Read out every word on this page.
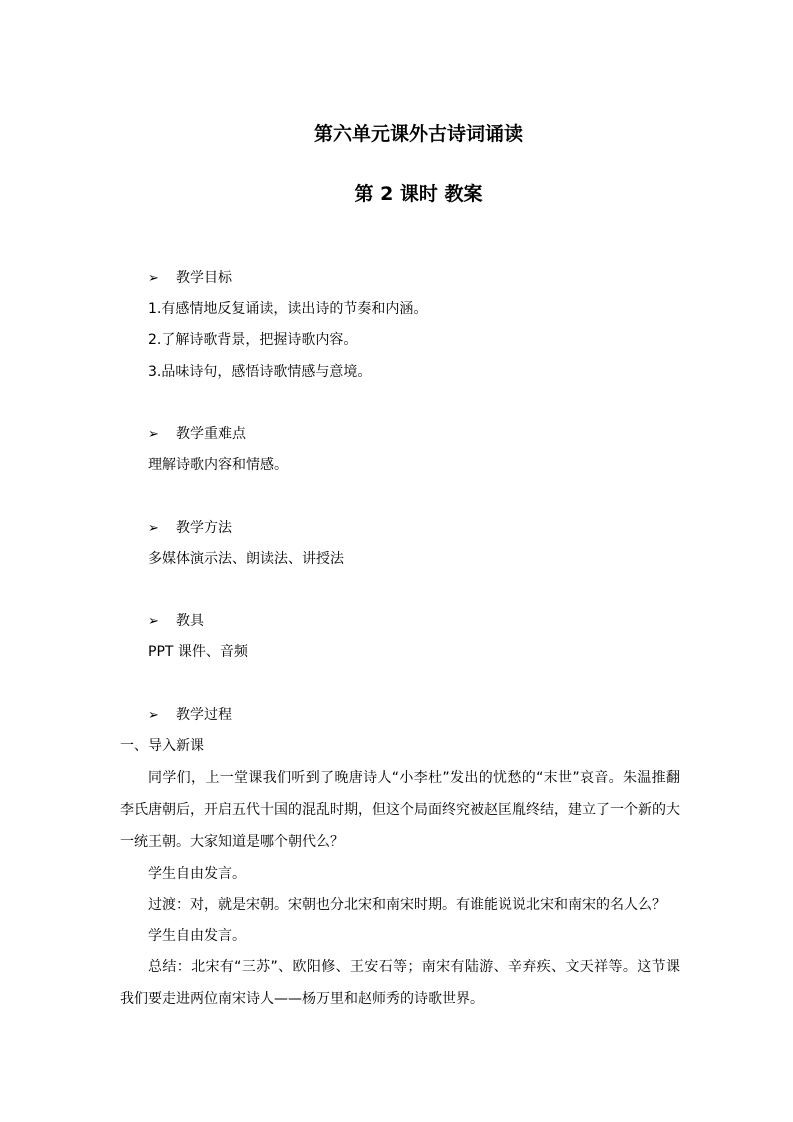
第六单元课外古诗词诵读
第 2 课时 教案
➢ 教学目标
1.有感情地反复诵读，读出诗的节奏和内涵。
2.了解诗歌背景，把握诗歌内容。
3.品味诗句，感悟诗歌情感与意境。
➢ 教学重难点
理解诗歌内容和情感。
➢ 教学方法
多媒体演示法、朗读法、讲授法
➢ 教具
PPT 课件、音频
➢ 教学过程
一、导入新课
同学们，上一堂课我们听到了晚唐诗人“小李杜”发出的忧愁的“末世”哀音。朱温推翻李氏唐朝后，开启五代十国的混乱时期，但这个局面终究被赵匡胤终结，建立了一个新的大一统王朝。大家知道是哪个朝代么？
学生自由发言。
过渡：对，就是宋朝。宋朝也分北宋和南宋时期。有谁能说说北宋和南宋的名人么？
学生自由发言。
总结：北宋有“三苏”、欧阳修、王安石等；南宋有陆游、辛弃疾、文天祥等。这节课我们要走进两位南宋诗人——杨万里和赵师秀的诗歌世界。
